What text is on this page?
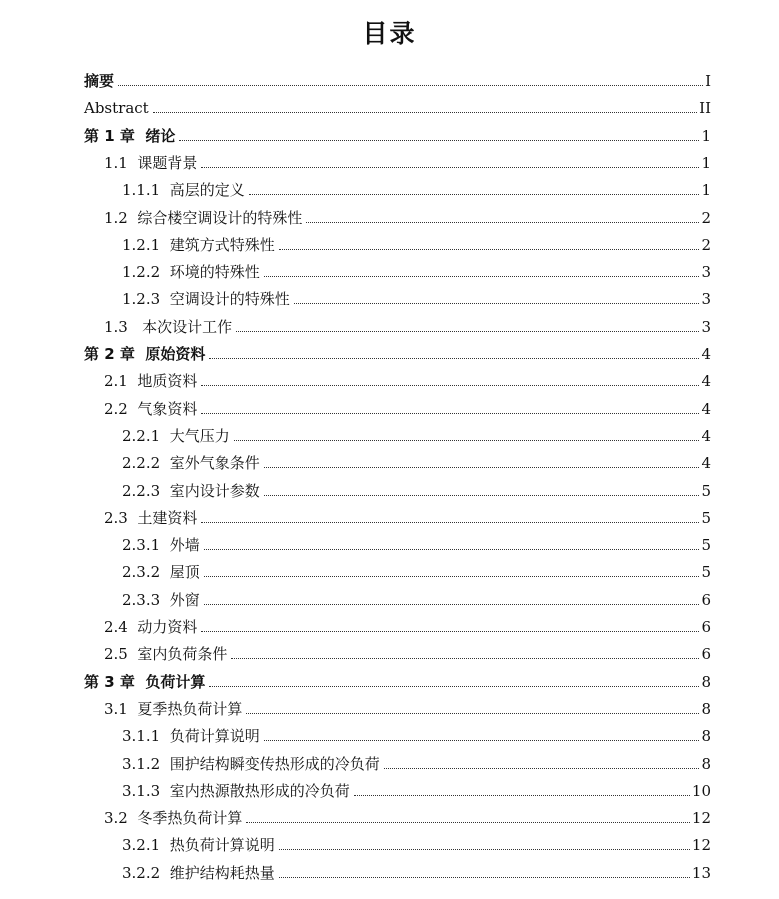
目录
摘要	I
Abstract	II
第 1 章  绪论	1
1.1  课题背景	1
1.1.1  高层的定义	1
1.2  综合楼空调设计的特殊性	2
1.2.1  建筑方式特殊性	2
1.2.2  环境的特殊性	3
1.2.3  空调设计的特殊性	3
1.3   本次设计工作	3
第 2 章  原始资料	4
2.1  地质资料	4
2.2  气象资料	4
2.2.1  大气压力	4
2.2.2  室外气象条件	4
2.2.3  室内设计参数	5
2.3  土建资料	5
2.3.1  外墙	5
2.3.2  屋顶	5
2.3.3  外窗	6
2.4  动力资料	6
2.5  室内负荷条件	6
第 3 章  负荷计算	8
3.1  夏季热负荷计算	8
3.1.1  负荷计算说明	8
3.1.2  围护结构瞬变传热形成的冷负荷	8
3.1.3  室内热源散热形成的冷负荷	10
3.2  冬季热负荷计算	12
3.2.1  热负荷计算说明	12
3.2.2  维护结构耗热量	13
